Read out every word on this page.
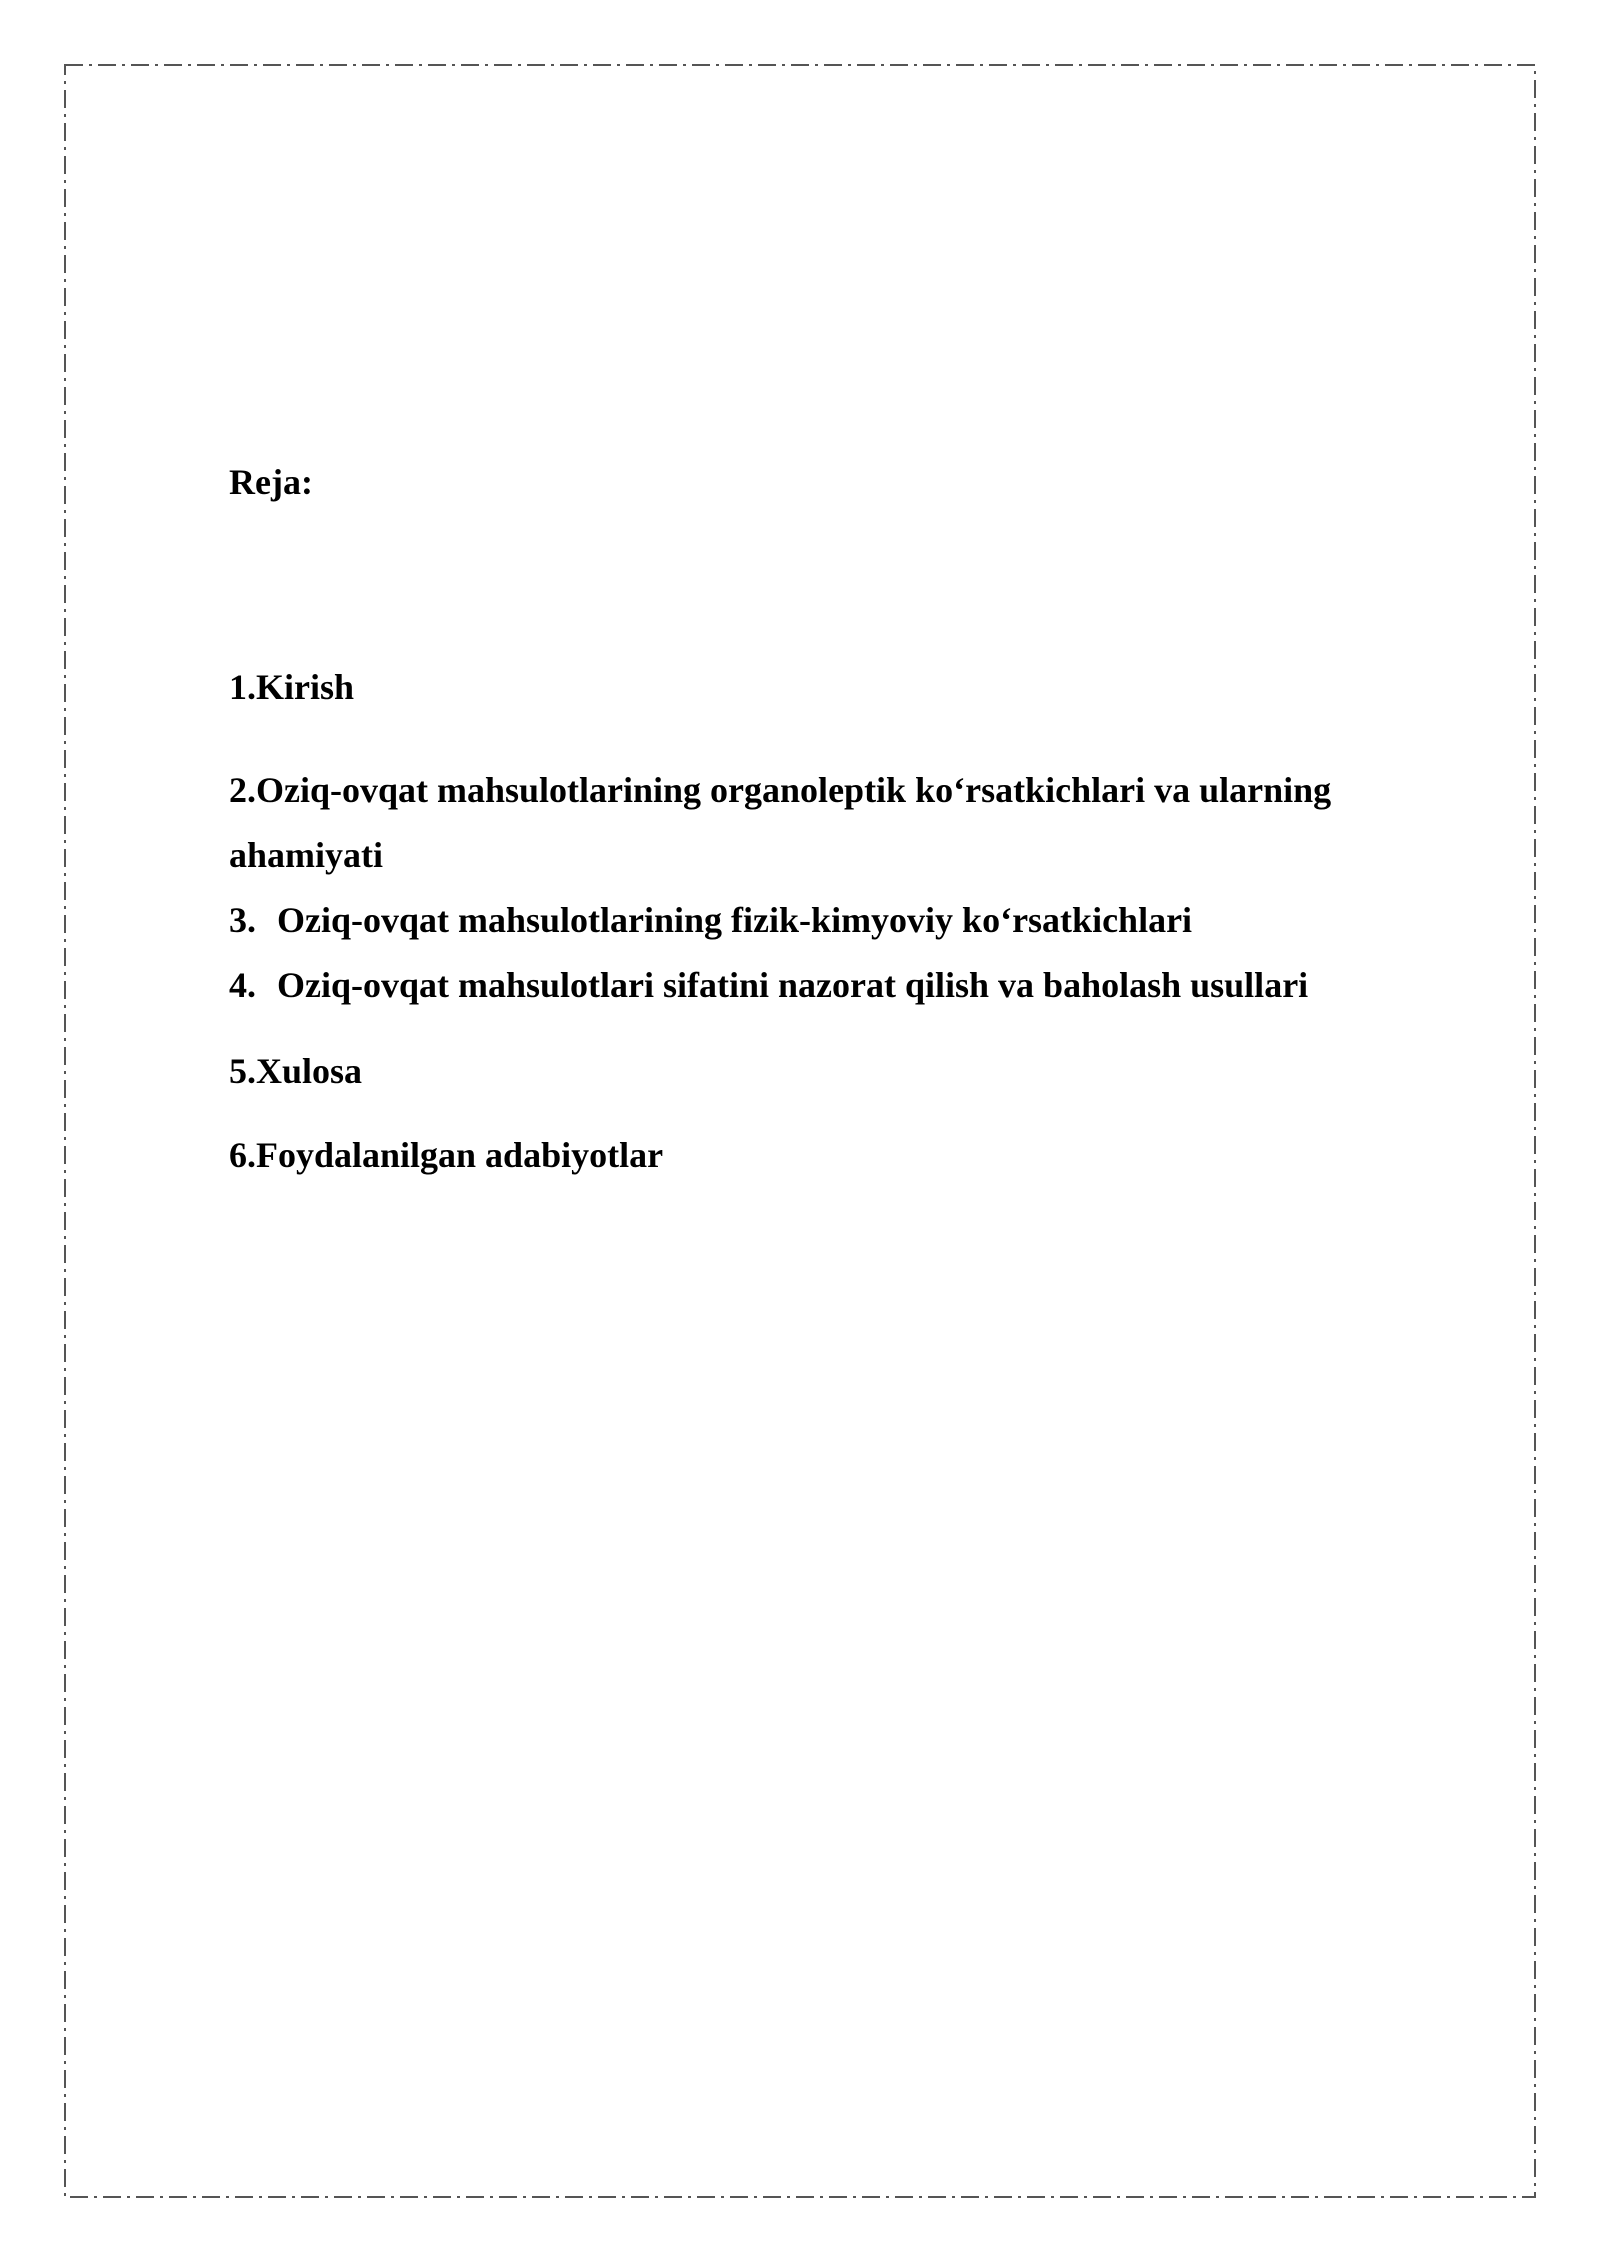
Reja:
1.Kirish
2.Oziq-ovqat mahsulotlarining organoleptik ko‘rsatkichlari va ularning
ahamiyati
3. Oziq-ovqat mahsulotlarining fizik-kimyoviy ko‘rsatkichlari
4. Oziq-ovqat mahsulotlari sifatini nazorat qilish va baholash usullari
5.Xulosa
6.Foydalanilgan adabiyotlar
